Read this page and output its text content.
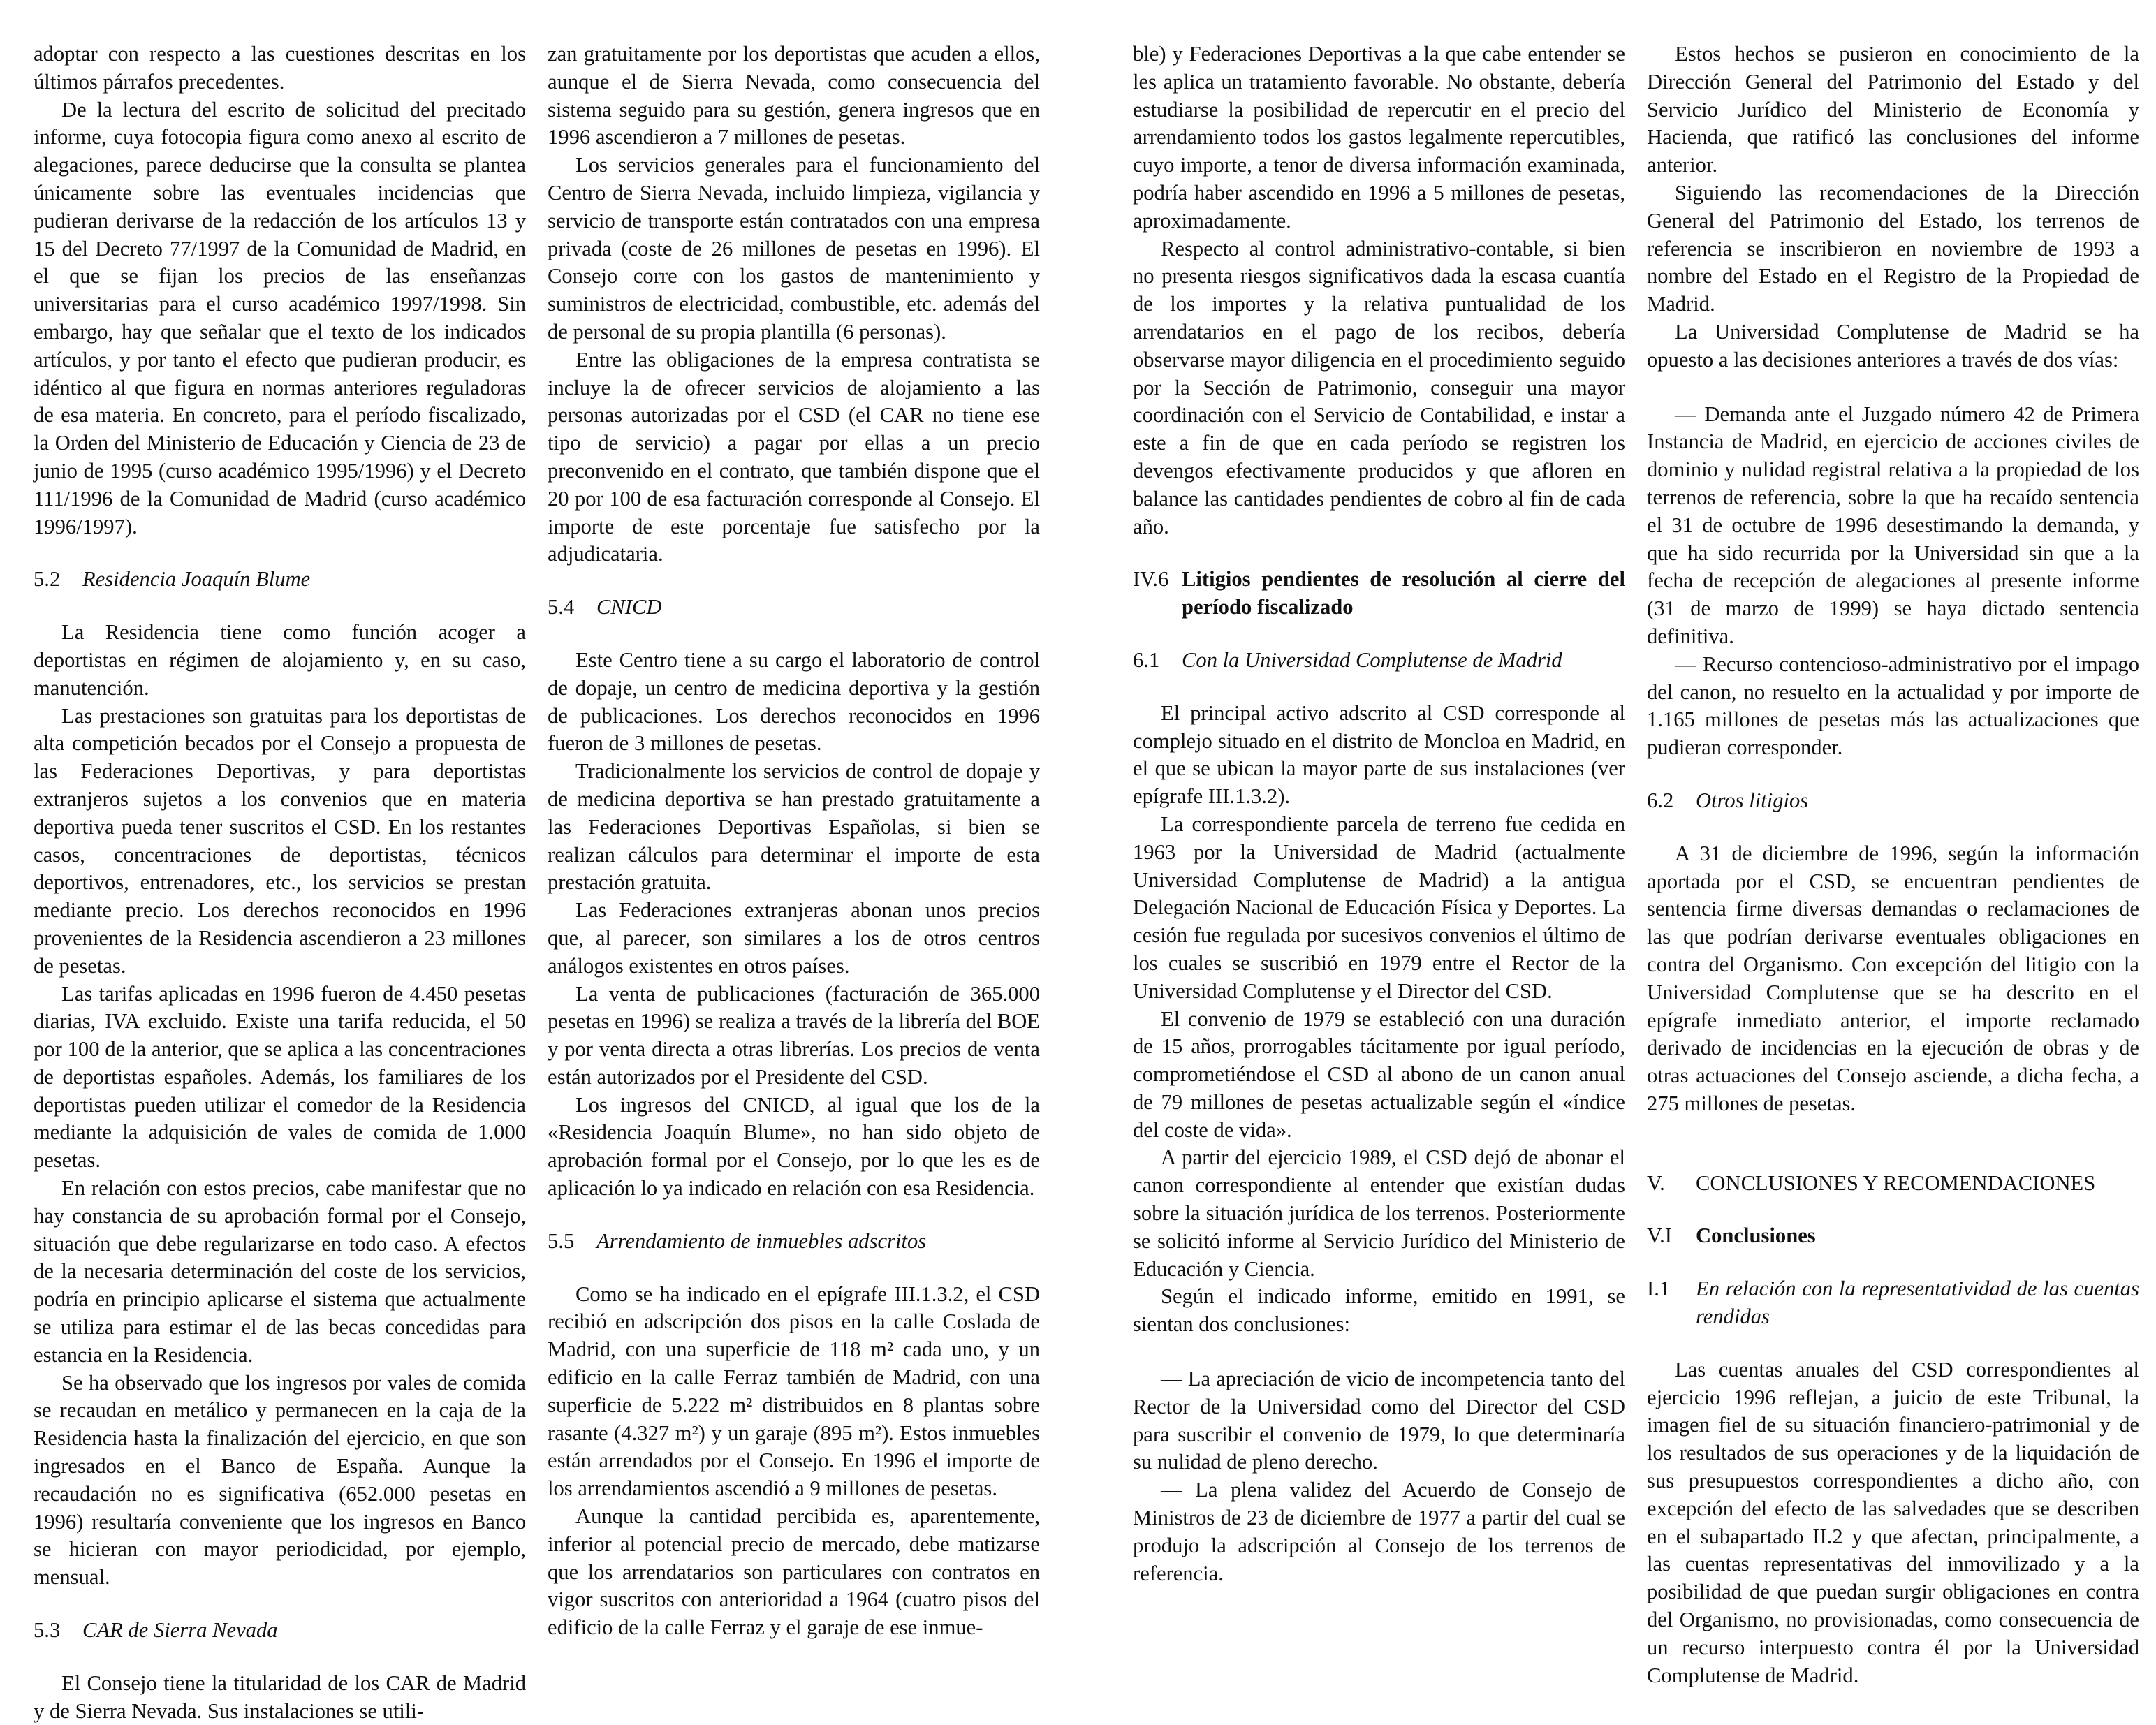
adoptar con respecto a las cuestiones descritas en los últimos párrafos precedentes.

De la lectura del escrito de solicitud del precitado informe, cuya fotocopia figura como anexo al escrito de alegaciones, parece deducirse que la consulta se plantea únicamente sobre las eventuales incidencias que pudieran derivarse de la redacción de los artículos 13 y 15 del Decreto 77/1997 de la Comunidad de Madrid, en el que se fijan los precios de las enseñanzas universitarias para el curso académico 1997/1998. Sin embargo, hay que señalar que el texto de los indicados artículos, y por tanto el efecto que pudieran producir, es idéntico al que figura en normas anteriores reguladoras de esa materia. En concreto, para el período fiscalizado, la Orden del Ministerio de Educación y Ciencia de 23 de junio de 1995 (curso académico 1995/1996) y el Decreto 111/1996 de la Comunidad de Madrid (curso académico 1996/1997).

5.2	Residencia Joaquín Blume

La Residencia tiene como función acoger a deportistas en régimen de alojamiento y, en su caso, manutención.

Las prestaciones son gratuitas para los deportistas de alta competición becados por el Consejo a propuesta de las Federaciones Deportivas, y para deportistas extranjeros sujetos a los convenios que en materia deportiva pueda tener suscritos el CSD. En los restantes casos, concentraciones de deportistas, técnicos deportivos, entrenadores, etc., los servicios se prestan mediante precio. Los derechos reconocidos en 1996 provenientes de la Residencia ascendieron a 23 millones de pesetas.

Las tarifas aplicadas en 1996 fueron de 4.450 pesetas diarias, IVA excluido. Existe una tarifa reducida, el 50 por 100 de la anterior, que se aplica a las concentraciones de deportistas españoles. Además, los familiares de los deportistas pueden utilizar el comedor de la Residencia mediante la adquisición de vales de comida de 1.000 pesetas.

En relación con estos precios, cabe manifestar que no hay constancia de su aprobación formal por el Consejo, situación que debe regularizarse en todo caso. A efectos de la necesaria determinación del coste de los servicios, podría en principio aplicarse el sistema que actualmente se utiliza para estimar el de las becas concedidas para estancia en la Residencia.

Se ha observado que los ingresos por vales de comida se recaudan en metálico y permanecen en la caja de la Residencia hasta la finalización del ejercicio, en que son ingresados en el Banco de España. Aunque la recaudación no es significativa (652.000 pesetas en 1996) resultaría conveniente que los ingresos en Banco se hicieran con mayor periodicidad, por ejemplo, mensual.

5.3	CAR de Sierra Nevada

El Consejo tiene la titularidad de los CAR de Madrid y de Sierra Nevada. Sus instalaciones se utili-

zan gratuitamente por los deportistas que acuden a ellos, aunque el de Sierra Nevada, como consecuencia del sistema seguido para su gestión, genera ingresos que en 1996 ascendieron a 7 millones de pesetas.

Los servicios generales para el funcionamiento del Centro de Sierra Nevada, incluido limpieza, vigilancia y servicio de transporte están contratados con una empresa privada (coste de 26 millones de pesetas en 1996). El Consejo corre con los gastos de mantenimiento y suministros de electricidad, combustible, etc. además del de personal de su propia plantilla (6 personas).

Entre las obligaciones de la empresa contratista se incluye la de ofrecer servicios de alojamiento a las personas autorizadas por el CSD (el CAR no tiene ese tipo de servicio) a pagar por ellas a un precio preconvenido en el contrato, que también dispone que el 20 por 100 de esa facturación corresponde al Consejo. El importe de este porcentaje fue satisfecho por la adjudicataria.

5.4	CNICD

Este Centro tiene a su cargo el laboratorio de control de dopaje, un centro de medicina deportiva y la gestión de publicaciones. Los derechos reconocidos en 1996 fueron de 3 millones de pesetas.

Tradicionalmente los servicios de control de dopaje y de medicina deportiva se han prestado gratuitamente a las Federaciones Deportivas Españolas, si bien se realizan cálculos para determinar el importe de esta prestación gratuita.

Las Federaciones extranjeras abonan unos precios que, al parecer, son similares a los de otros centros análogos existentes en otros países.

La venta de publicaciones (facturación de 365.000 pesetas en 1996) se realiza a través de la librería del BOE y por venta directa a otras librerías. Los precios de venta están autorizados por el Presidente del CSD.

Los ingresos del CNICD, al igual que los de la «Residencia Joaquín Blume», no han sido objeto de aprobación formal por el Consejo, por lo que les es de aplicación lo ya indicado en relación con esa Residencia.

5.5	Arrendamiento de inmuebles adscritos

Como se ha indicado en el epígrafe III.1.3.2, el CSD recibió en adscripción dos pisos en la calle Coslada de Madrid, con una superficie de 118 m² cada uno, y un edificio en la calle Ferraz también de Madrid, con una superficie de 5.222 m² distribuidos en 8 plantas sobre rasante (4.327 m²) y un garaje (895 m²). Estos inmuebles están arrendados por el Consejo. En 1996 el importe de los arrendamientos ascendió a 9 millones de pesetas.

Aunque la cantidad percibida es, aparentemente, inferior al potencial precio de mercado, debe matizarse que los arrendatarios son particulares con contratos en vigor suscritos con anterioridad a 1964 (cuatro pisos del edificio de la calle Ferraz y el garaje de ese inmue-

ble) y Federaciones Deportivas a la que cabe entender se les aplica un tratamiento favorable. No obstante, debería estudiarse la posibilidad de repercutir en el precio del arrendamiento todos los gastos legalmente repercutibles, cuyo importe, a tenor de diversa información examinada, podría haber ascendido en 1996 a 5 millones de pesetas, aproximadamente.

Respecto al control administrativo-contable, si bien no presenta riesgos significativos dada la escasa cuantía de los importes y la relativa puntualidad de los arrendatarios en el pago de los recibos, debería observarse mayor diligencia en el procedimiento seguido por la Sección de Patrimonio, conseguir una mayor coordinación con el Servicio de Contabilidad, e instar a este a fin de que en cada período se registren los devengos efectivamente producidos y que afloren en balance las cantidades pendientes de cobro al fin de cada año.

IV.6 Litigios pendientes de resolución al cierre del período fiscalizado
6.1	Con la Universidad Complutense de Madrid

El principal activo adscrito al CSD corresponde al complejo situado en el distrito de Moncloa en Madrid, en el que se ubican la mayor parte de sus instalaciones (ver epígrafe III.1.3.2).

La correspondiente parcela de terreno fue cedida en 1963 por la Universidad de Madrid (actualmente Universidad Complutense de Madrid) a la antigua Delegación Nacional de Educación Física y Deportes. La cesión fue regulada por sucesivos convenios el último de los cuales se suscribió en 1979 entre el Rector de la Universidad Complutense y el Director del CSD.

El convenio de 1979 se estableció con una duración de 15 años, prorrogables tácitamente por igual período, comprometiéndose el CSD al abono de un canon anual de 79 millones de pesetas actualizable según el «índice del coste de vida».

A partir del ejercicio 1989, el CSD dejó de abonar el canon correspondiente al entender que existían dudas sobre la situación jurídica de los terrenos. Posteriormente se solicitó informe al Servicio Jurídico del Ministerio de Educación y Ciencia.

Según el indicado informe, emitido en 1991, se sientan dos conclusiones:

— La apreciación de vicio de incompetencia tanto del Rector de la Universidad como del Director del CSD para suscribir el convenio de 1979, lo que determinaría su nulidad de pleno derecho.

— La plena validez del Acuerdo de Consejo de Ministros de 23 de diciembre de 1977 a partir del cual se produjo la adscripción al Consejo de los terrenos de referencia.

Estos hechos se pusieron en conocimiento de la Dirección General del Patrimonio del Estado y del Servicio Jurídico del Ministerio de Economía y Hacienda, que ratificó las conclusiones del informe anterior.

Siguiendo las recomendaciones de la Dirección General del Patrimonio del Estado, los terrenos de referencia se inscribieron en noviembre de 1993 a nombre del Estado en el Registro de la Propiedad de Madrid.

La Universidad Complutense de Madrid se ha opuesto a las decisiones anteriores a través de dos vías:

— Demanda ante el Juzgado número 42 de Primera Instancia de Madrid, en ejercicio de acciones civiles de dominio y nulidad registral relativa a la propiedad de los terrenos de referencia, sobre la que ha recaído sentencia el 31 de octubre de 1996 desestimando la demanda, y que ha sido recurrida por la Universidad sin que a la fecha de recepción de alegaciones al presente informe (31 de marzo de 1999) se haya dictado sentencia definitiva.

— Recurso contencioso-administrativo por el impago del canon, no resuelto en la actualidad y por importe de 1.165 millones de pesetas más las actualizaciones que pudieran corresponder.

6.2	Otros litigios

A 31 de diciembre de 1996, según la información aportada por el CSD, se encuentran pendientes de sentencia firme diversas demandas o reclamaciones de las que podrían derivarse eventuales obligaciones en contra del Organismo. Con excepción del litigio con la Universidad Complutense que se ha descrito en el epígrafe inmediato anterior, el importe reclamado derivado de incidencias en la ejecución de obras y de otras actuaciones del Consejo asciende, a dicha fecha, a 275 millones de pesetas.

V.	CONCLUSIONES Y RECOMENDACIONES
V.I	Conclusiones
I.1	En relación con la representatividad de las cuentas rendidas

Las cuentas anuales del CSD correspondientes al ejercicio 1996 reflejan, a juicio de este Tribunal, la imagen fiel de su situación financiero-patrimonial y de los resultados de sus operaciones y de la liquidación de sus presupuestos correspondientes a dicho año, con excepción del efecto de las salvedades que se describen en el subapartado II.2 y que afectan, principalmente, a las cuentas representativas del inmovilizado y a la posibilidad de que puedan surgir obligaciones en contra del Organismo, no provisionadas, como consecuencia de un recurso interpuesto contra él por la Universidad Complutense de Madrid.
